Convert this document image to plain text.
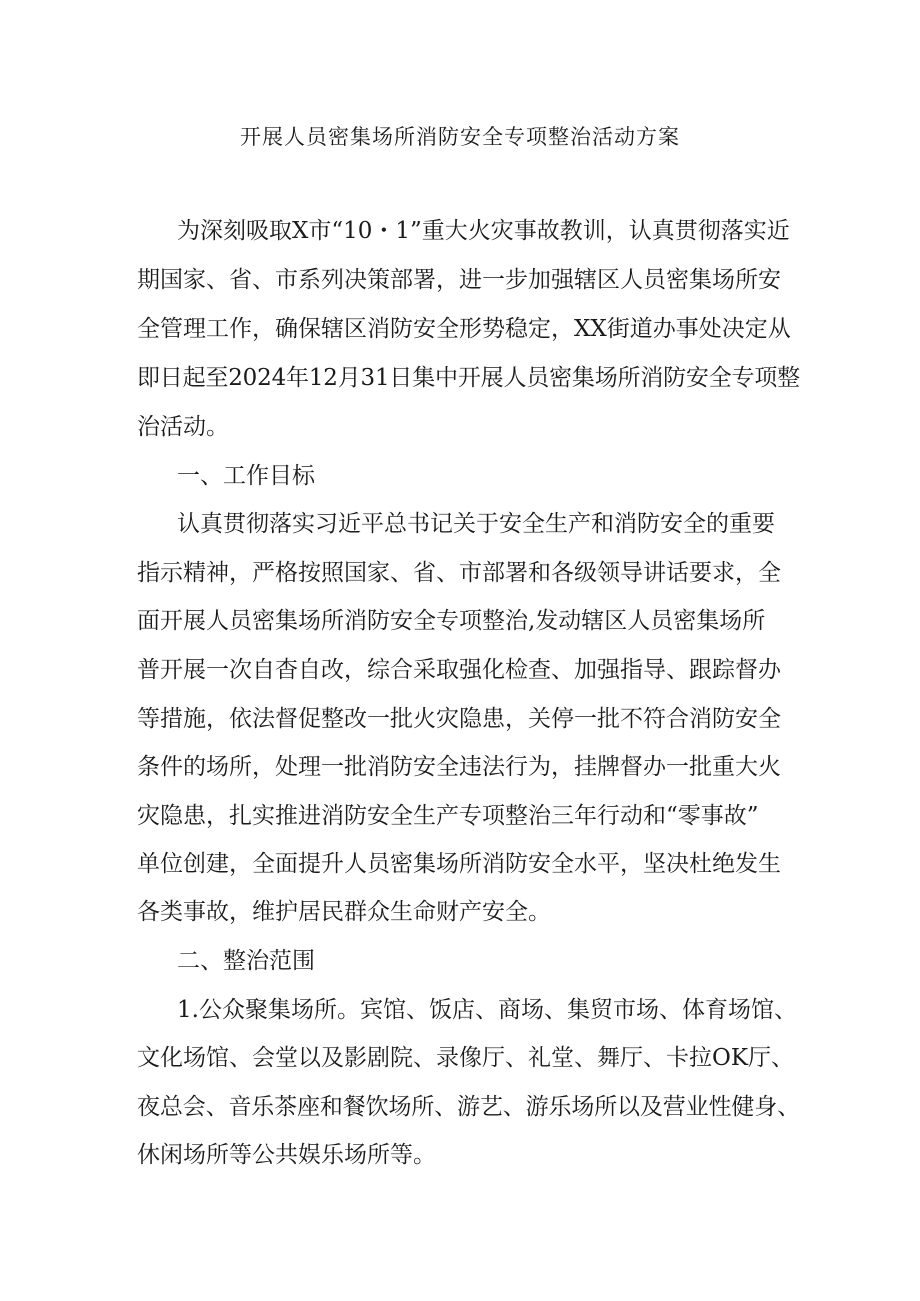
开展人员密集场所消防安全专项整治活动方案
为深刻吸取X市“10・1”重大火灾事故教训，认真贯彻落实近
期国家、省、市系列决策部署，进一步加强辖区人员密集场所安
全管理工作，确保辖区消防安全形势稳定，XX街道办事处决定从
即日起至2024年12月31日集中开展人员密集场所消防安全专项整
治活动。
一、工作目标
认真贯彻落实习近平总书记关于安全生产和消防安全的重要
指示精神，严格按照国家、省、市部署和各级领导讲话要求，全
面开展人员密集场所消防安全专项整治,发动辖区人员密集场所
普开展一次自杳自改，综合采取强化检查、加强指导、跟踪督办
等措施，依法督促整改一批火灾隐患，关停一批不符合消防安全
条件的场所，处理一批消防安全违法行为，挂牌督办一批重大火
灾隐患，扎实推进消防安全生产专项整治三年行动和“零事故”
单位创建，全面提升人员密集场所消防安全水平，坚决杜绝发生
各类事故，维护居民群众生命财产安全。
二、整治范围
1.公众聚集场所。宾馆、饭店、商场、集贸市场、体育场馆、
文化场馆、会堂以及影剧院、录像厅、礼堂、舞厅、卡拉OK厅、
夜总会、音乐茶座和餐饮场所、游艺、游乐场所以及营业性健身、
休闲场所等公共娱乐场所等。
